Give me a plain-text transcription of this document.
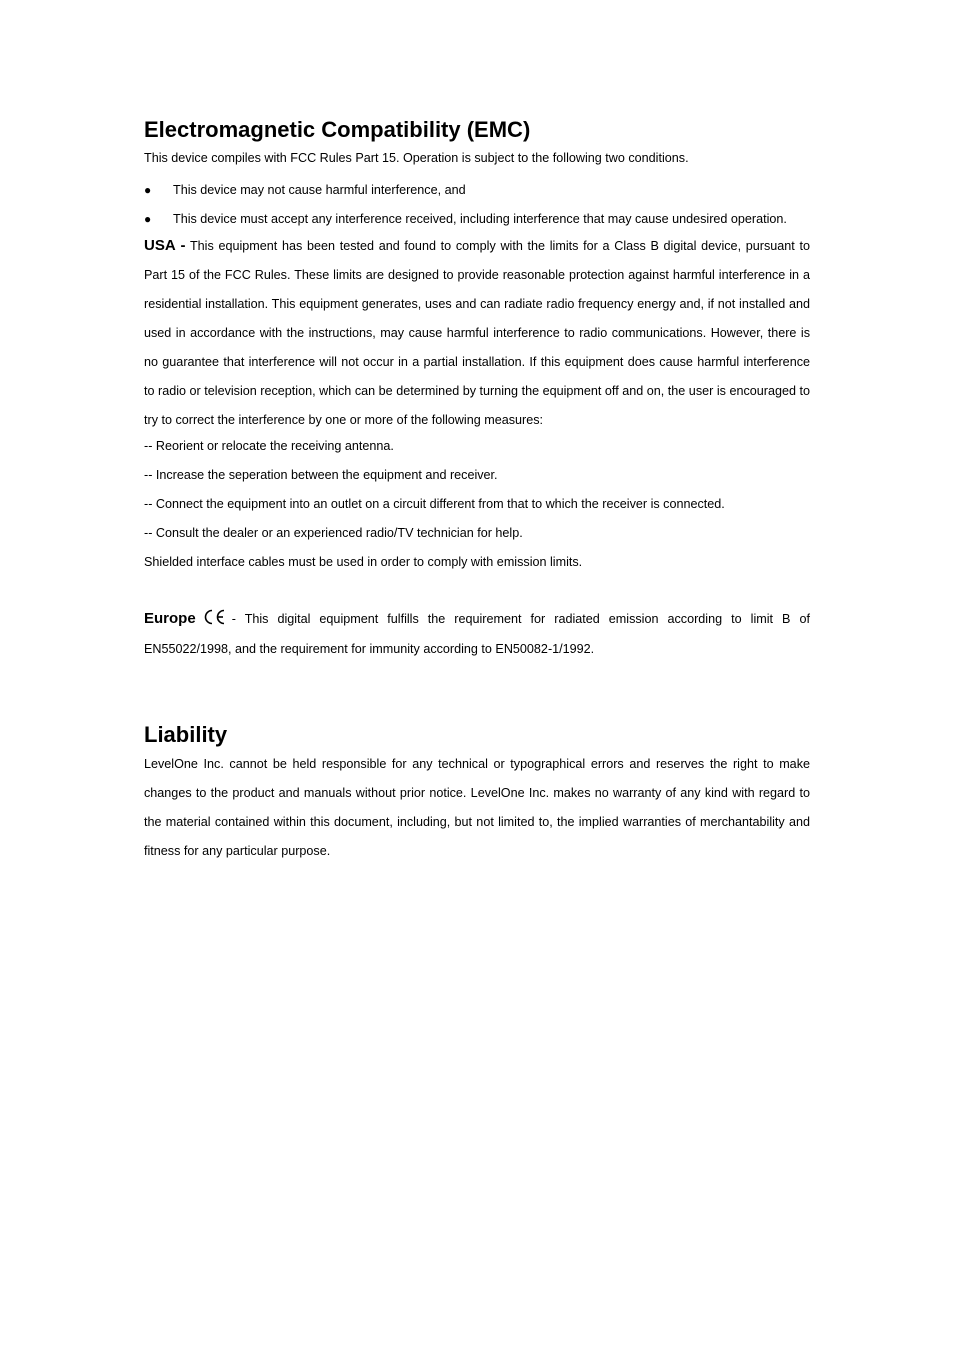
Electromagnetic Compatibility (EMC)

This device compiles with FCC Rules Part 15. Operation is subject to the following two conditions.

● This device may not cause harmful interference, and
● This device must accept any interference received, including interference that may cause undesired operation.

USA - This equipment has been tested and found to comply with the limits for a Class B digital device, pursuant to Part 15 of the FCC Rules. These limits are designed to provide reasonable protection against harmful interference in a residential installation. This equipment generates, uses and can radiate radio frequency energy and, if not installed and used in accordance with the instructions, may cause harmful interference to radio communications. However, there is no guarantee that interference will not occur in a partial installation. If this equipment does cause harmful interference to radio or television reception, which can be determined by turning the equipment off and on, the user is encouraged to try to correct the interference by one or more of the following measures:

-- Reorient or relocate the receiving antenna.

-- Increase the seperation between the equipment and receiver.

-- Connect the equipment into an outlet on a circuit different from that to which the receiver is connected.

-- Consult the dealer or an experienced radio/TV technician for help.

Shielded interface cables must be used in order to comply with emission limits.

Europe	- This digital equipment fulfills the requirement for radiated emission according to limit B of EN55022/1998, and the requirement for immunity according to EN50082-1/1992.

Liability

LevelOne Inc. cannot be held responsible for any technical or typographical errors and reserves the right to make changes to the product and manuals without prior notice. LevelOne Inc. makes no warranty of any kind with regard to the material contained within this document, including, but not limited to, the implied warranties of merchantability and fitness for any particular purpose.
